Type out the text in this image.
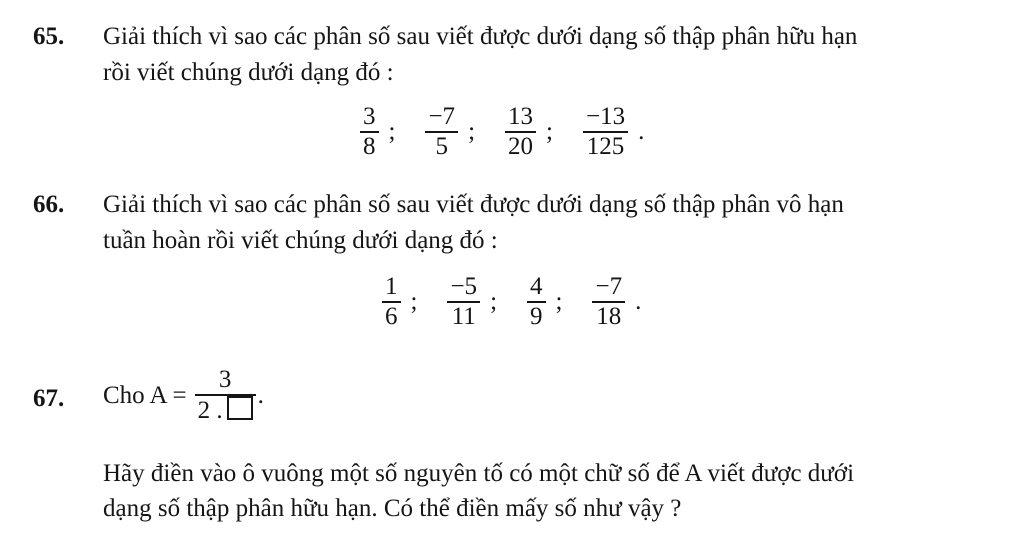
65. Giải thích vì sao các phân số sau viết được dưới dạng số thập phân hữu hạn
rồi viết chúng dưới dạng đó :
$\frac{3}{8}$ ; $\frac{-7}{5}$ ; $\frac{13}{20}$ ; $\frac{-13}{125}$ .
66. Giải thích vì sao các phân số sau viết được dưới dạng số thập phân vô hạn
tuần hoàn rồi viết chúng dưới dạng đó :
$\frac{1}{6}$ ; $\frac{-5}{11}$ ; $\frac{4}{9}$ ; $\frac{-7}{18}$ .
67. Cho $A = \frac{3}{2 .}$ .
Hãy điền vào ô vuông một số nguyên tố có một chữ số để A viết được dưới
dạng số thập phân hữu hạn. Có thể điền mấy số như vậy ?
